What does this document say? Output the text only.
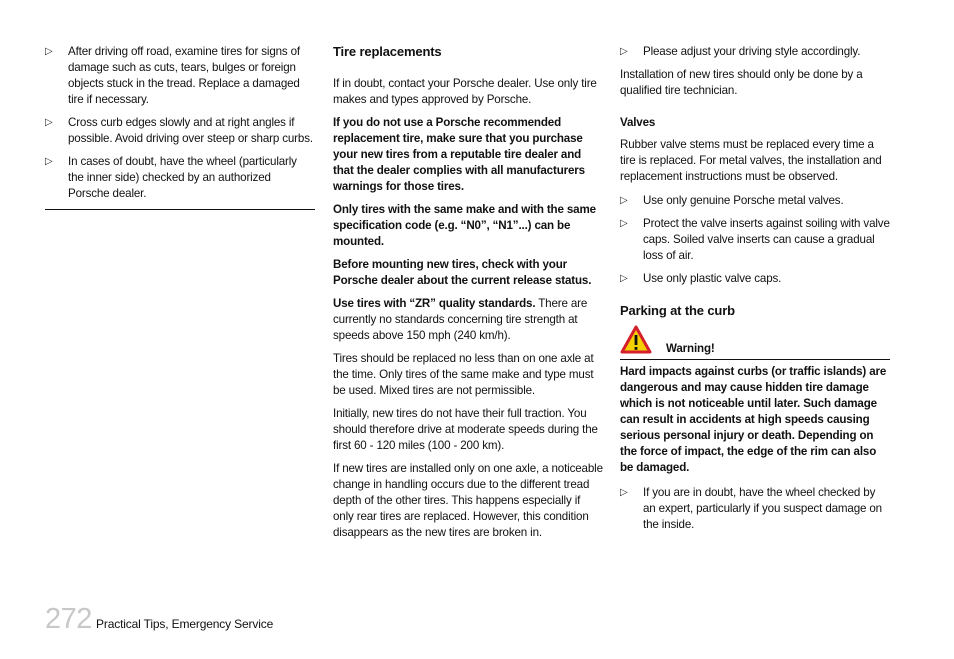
▷ After driving off road, examine tires for signs of damage such as cuts, tears, bulges or foreign objects stuck in the tread. Replace a damaged tire if necessary.
▷ Cross curb edges slowly and at right angles if possible. Avoid driving over steep or sharp curbs.
▷ In cases of doubt, have the wheel (particularly the inner side) checked by an authorized Porsche dealer.
Tire replacements

If in doubt, contact your Porsche dealer. Use only tire makes and types approved by Porsche.

If you do not use a Porsche recommended replacement tire, make sure that you purchase your new tires from a reputable tire dealer and that the dealer complies with all manufacturers warnings for those tires.

Only tires with the same make and with the same specification code (e.g. “N0”, “N1”...) can be mounted.

Before mounting new tires, check with your Porsche dealer about the current release status.

Use tires with “ZR” quality standards. There are currently no standards concerning tire strength at speeds above 150 mph (240 km/h).

Tires should be replaced no less than on one axle at the time. Only tires of the same make and type must be used. Mixed tires are not permissible.

Initially, new tires do not have their full traction. You should therefore drive at moderate speeds during the first 60 - 120 miles (100 - 200 km).

If new tires are installed only on one axle, a noticeable change in handling occurs due to the different tread depth of the other tires. This happens especially if only rear tires are replaced. However, this condition disappears as the new tires are broken in.

▷ Please adjust your driving style accordingly.

Installation of new tires should only be done by a qualified tire technician.

Valves

Rubber valve stems must be replaced every time a tire is replaced. For metal valves, the installation and replacement instructions must be observed.

▷ Use only genuine Porsche metal valves.
▷ Protect the valve inserts against soiling with valve caps. Soiled valve inserts can cause a gradual loss of air.
▷ Use only plastic valve caps.
Parking at the curb
Warning!

Hard impacts against curbs (or traffic islands) are dangerous and may cause hidden tire damage which is not noticeable until later. Such damage can result in accidents at high speeds causing serious personal injury or death. Depending on the force of impact, the edge of the rim can also be damaged.

▷ If you are in doubt, have the wheel checked by an expert, particularly if you suspect damage on the inside.
272 Practical Tips, Emergency Service
